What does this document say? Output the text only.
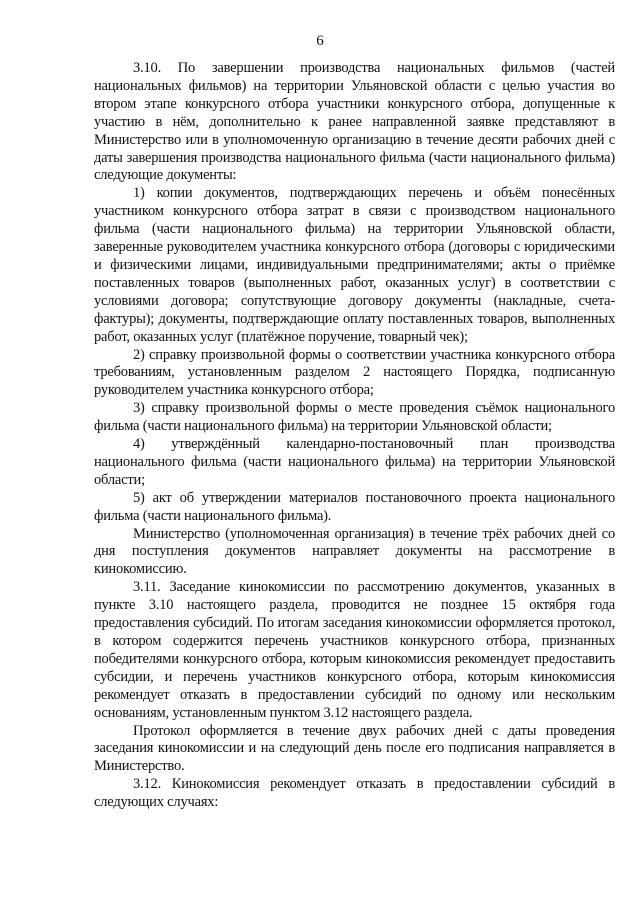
6

3.10. По завершении производства национальных фильмов (частей национальных фильмов) на территории Ульяновской области с целью участия во втором этапе конкурсного отбора участники конкурсного отбора, допущенные к участию в нём, дополнительно к ранее направленной заявке представляют в Министерство или в уполномоченную организацию в течение десяти рабочих дней с даты завершения производства национального фильма (части национального фильма) следующие документы:

1) копии документов, подтверждающих перечень и объём понесённых участником конкурсного отбора затрат в связи с производством национального фильма (части национального фильма) на территории Ульяновской области, заверенные руководителем участника конкурсного отбора (договоры с юридическими и физическими лицами, индивидуальными предпринимателями; акты о приёмке поставленных товаров (выполненных работ, оказанных услуг) в соответствии с условиями договора; сопутствующие договору документы (накладные, счета-фактуры); документы, подтверждающие оплату поставленных товаров, выполненных работ, оказанных услуг (платёжное поручение, товарный чек);

2) справку произвольной формы о соответствии участника конкурсного отбора требованиям, установленным разделом 2 настоящего Порядка, подписанную руководителем участника конкурсного отбора;

3) справку произвольной формы о месте проведения съёмок национального фильма (части национального фильма) на территории Ульяновской области;

4) утверждённый календарно-постановочный план производства национального фильма (части национального фильма) на территории Ульяновской области;

5) акт об утверждении материалов постановочного проекта национального фильма (части национального фильма).

Министерство (уполномоченная организация) в течение трёх рабочих дней со дня поступления документов направляет документы на рассмотрение в кинокомиссию.

3.11. Заседание кинокомиссии по рассмотрению документов, указанных в пункте 3.10 настоящего раздела, проводится не позднее 15 октября года предоставления субсидий. По итогам заседания кинокомиссии оформляется протокол, в котором содержится перечень участников конкурсного отбора, признанных победителями конкурсного отбора, которым кинокомиссия рекомендует предоставить субсидии, и перечень участников конкурсного отбора, которым кинокомиссия рекомендует отказать в предоставлении субсидий по одному или нескольким основаниям, установленным пунктом 3.12 настоящего раздела.

Протокол оформляется в течение двух рабочих дней с даты проведения заседания кинокомиссии и на следующий день после его подписания направляется в Министерство.

3.12. Кинокомиссия рекомендует отказать в предоставлении субсидий в следующих случаях:
